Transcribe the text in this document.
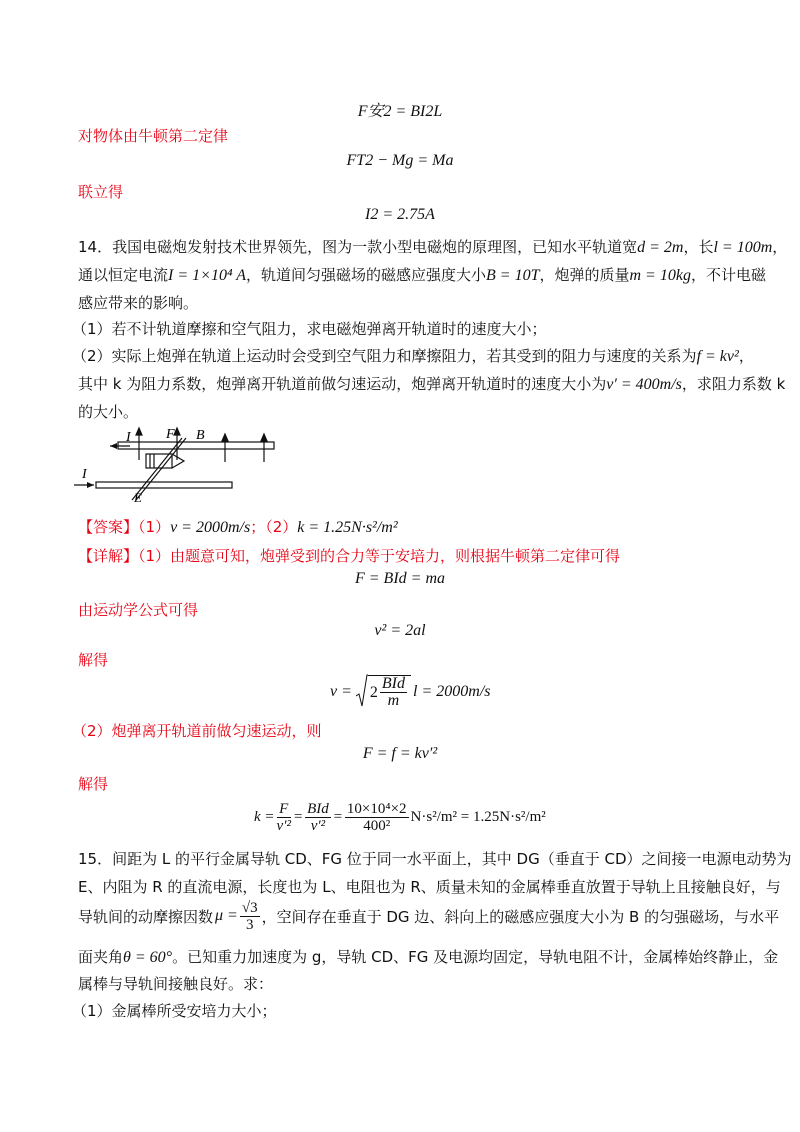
F安2 = BI2L
对物体由牛顿第二定律
FT2 − Mg = Ma
联立得
I2 = 2.75A
14．我国电磁炮发射技术世界领先，图为一款小型电磁炮的原理图，已知水平轨道宽d = 2m，长l = 100m，
通以恒定电流I = 1×10⁴ A，轨道间匀强磁场的磁感应强度大小B = 10T，炮弹的质量m = 10kg，不计电磁
感应带来的影响。
（1）若不计轨道摩擦和空气阻力，求电磁炮弹离开轨道时的速度大小；
（2）实际上炮弹在轨道上运动时会受到空气阻力和摩擦阻力，若其受到的阻力与速度的关系为f = kv²，
其中 k 为阻力系数，炮弹离开轨道前做匀速运动，炮弹离开轨道时的速度大小为v′ = 400m/s，求阻力系数 k
的大小。
I	F B
I
E
【答案】（1）v = 2000m/s；（2）k = 1.25N·s²/m²
【详解】（1）由题意可知，炮弹受到的合力等于安培力，则根据牛顿第二定律可得
F = BId = ma
由运动学公式可得
v² = 2al
解得
$v = 2 \frac{\text{BId}}{m}$ l = 2000m/s
（2）炮弹离开轨道前做匀速运动，则
F = f = kv′²
解得
$k = \frac{F}{\text{v′²}} = \frac{\text{BId}}{\text{v′²}} = \frac{\text{10×10⁴×2}}{\text{400²}} N\cdot s^2/m^2 = 1.25N\cdot s^2/m^2$
15．间距为 L 的平行金属导轨 CD、FG 位于同一水平面上，其中 DG（垂直于 CD）之间接一电源电动势为
E、内阻为 R 的直流电源，长度也为 L、电阻也为 R、质量未知的金属棒垂直放置于导轨上且接触良好，与
导轨间的动摩擦因数 $\mu = \frac{√3}{3}$ ，空间存在垂直于 DG 边、斜向上的磁感应强度大小为 B 的匀强磁场，与水平
面夹角θ = 60°。已知重力加速度为 g，导轨 CD、FG 及电源均固定，导轨电阻不计，金属棒始终静止，金
属棒与导轨间接触良好。求：
（1）金属棒所受安培力大小；
